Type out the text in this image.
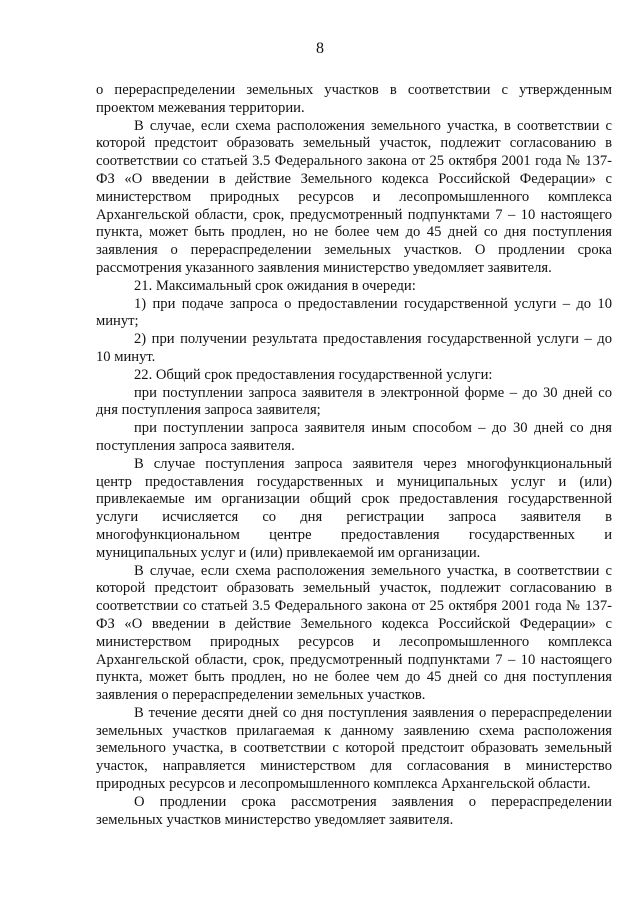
8

о перераспределении земельных участков в соответствии с утвержденным проектом межевания территории.

В случае, если схема расположения земельного участка, в соответствии с которой предстоит образовать земельный участок, подлежит согласованию в соответствии со статьей 3.5 Федерального закона от 25 октября 2001 года № 137-ФЗ «О введении в действие Земельного кодекса Российской Федерации» с министерством природных ресурсов и лесопромышленного комплекса Архангельской области, срок, предусмотренный подпунктами 7 – 10 настоящего пункта, может быть продлен, но не более чем до 45 дней со дня поступления заявления о перераспределении земельных участков. О продлении срока рассмотрения указанного заявления министерство уведомляет заявителя.

21. Максимальный срок ожидания в очереди:

1) при подаче запроса о предоставлении государственной услуги – до 10 минут;

2) при получении результата предоставления государственной услуги – до 10 минут.

22. Общий срок предоставления государственной услуги:

при поступлении запроса заявителя в электронной форме – до 30 дней со дня поступления запроса заявителя;

при поступлении запроса заявителя иным способом – до 30 дней со дня поступления запроса заявителя.

В случае поступления запроса заявителя через многофункциональный центр предоставления государственных и муниципальных услуг и (или) привлекаемые им организации общий срок предоставления государственной услуги исчисляется со дня регистрации запроса заявителя в многофункциональном центре предоставления государственных и муниципальных услуг и (или) привлекаемой им организации.

В случае, если схема расположения земельного участка, в соответствии с которой предстоит образовать земельный участок, подлежит согласованию в соответствии со статьей 3.5 Федерального закона от 25 октября 2001 года № 137-ФЗ «О введении в действие Земельного кодекса Российской Федерации» с министерством природных ресурсов и лесопромышленного комплекса Архангельской области, срок, предусмотренный подпунктами 7 – 10 настоящего пункта, может быть продлен, но не более чем до 45 дней со дня поступления заявления о перераспределении земельных участков.

В течение десяти дней со дня поступления заявления о перераспределении земельных участков прилагаемая к данному заявлению схема расположения земельного участка, в соответствии с которой предстоит образовать земельный участок, направляется министерством для согласования в министерство природных ресурсов и лесопромышленного комплекса Архангельской области.

О продлении срока рассмотрения заявления о перераспределении земельных участков министерство уведомляет заявителя.
